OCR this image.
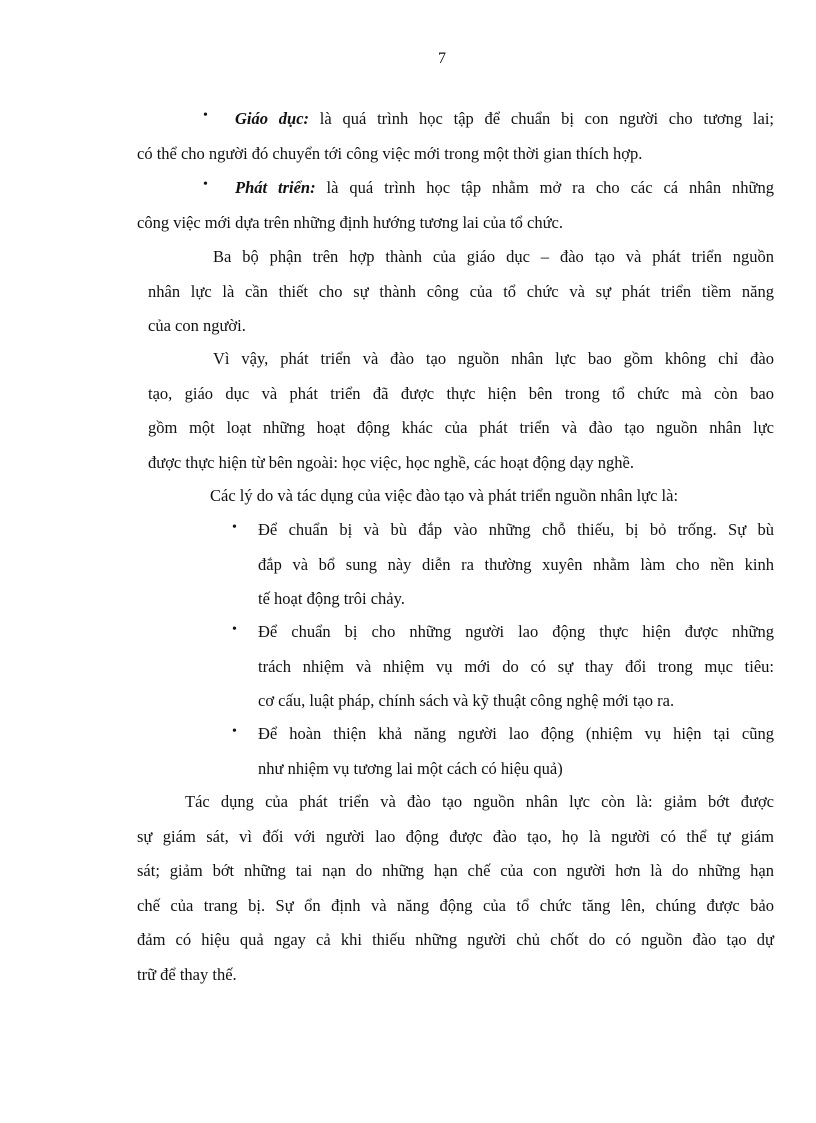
7
•	Giáo dục: là quá trình học tập để chuẩn bị con người cho tương lai;
có thể cho người đó chuyển tới công việc mới trong một thời gian thích hợp.
•	Phát triển: là quá trình học tập nhằm mở ra cho các cá nhân những
công việc mới dựa trên những định hướng tương lai của tổ chức.
Ba bộ phận trên hợp thành của giáo dục – đào tạo và phát triển nguồn
nhân lực là cần thiết cho sự thành công của tổ chức và sự phát triển tiềm năng
của con người.
Vì vậy, phát triển và đào tạo nguồn nhân lực bao gồm không chỉ đào
tạo, giáo dục và phát triển đã được thực hiện bên trong tổ chức mà còn bao
gồm một loạt những hoạt động khác của phát triển và đào tạo nguồn nhân lực
được thực hiện từ bên ngoài: học việc, học nghề, các hoạt động dạy nghề.
Các lý do và tác dụng của việc đào tạo và phát triển nguồn nhân lực là:
• Để chuẩn bị và bù đắp vào những chỗ thiếu, bị bỏ trống. Sự bù
đắp và bổ sung này diễn ra thường xuyên nhằm làm cho nền kinh
tế hoạt động trôi chảy.
• Để chuẩn bị cho những người lao động thực hiện được những
trách nhiệm và nhiệm vụ mới do có sự thay đổi trong mục tiêu:
cơ cấu, luật pháp, chính sách và kỹ thuật công nghệ mới tạo ra.
• Để hoàn thiện khả năng người lao động (nhiệm vụ hiện tại cũng
như nhiệm vụ tương lai một cách có hiệu quả)
Tác dụng của phát triển và đào tạo nguồn nhân lực còn là: giảm bớt được
sự giám sát, vì đối với người lao động được đào tạo, họ là người có thể tự giám
sát; giảm bớt những tai nạn do những hạn chế của con người hơn là do những hạn
chế của trang bị. Sự ổn định và năng động của tổ chức tăng lên, chúng được bảo
đảm có hiệu quả ngay cả khi thiếu những người chủ chốt do có nguồn đào tạo dự
trữ để thay thế.
